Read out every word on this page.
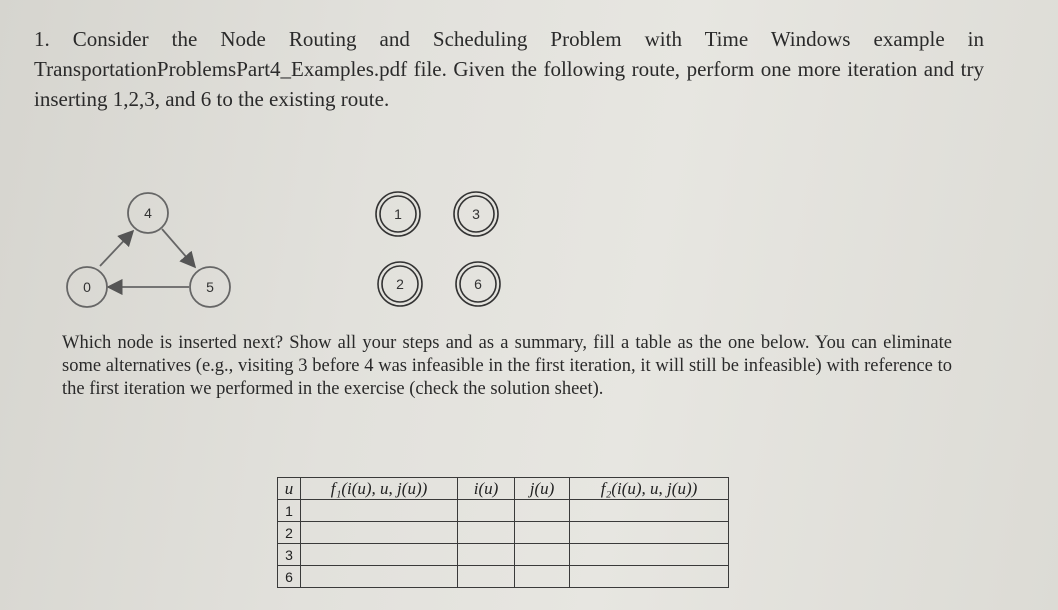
1. Consider the Node Routing and Scheduling Problem with Time Windows example in TransportationProblemsPart4_Examples.pdf file. Given the following route, perform one more iteration and try inserting 1,2,3, and 6 to the existing route.

0
4
5
1	3
2	6

Which node is inserted next? Show all your steps and as a summary, fill a table as the one below. You can eliminate some alternatives (e.g., visiting 3 before 4 was infeasible in the first iteration, it will still be infeasible) with reference to the first iteration we performed in the exercise (check the solution sheet).

u	f₁(i(u), u, j(u))	i(u)	j(u)	f₂(i(u), u, j(u))
1				
2				
3				
6				
